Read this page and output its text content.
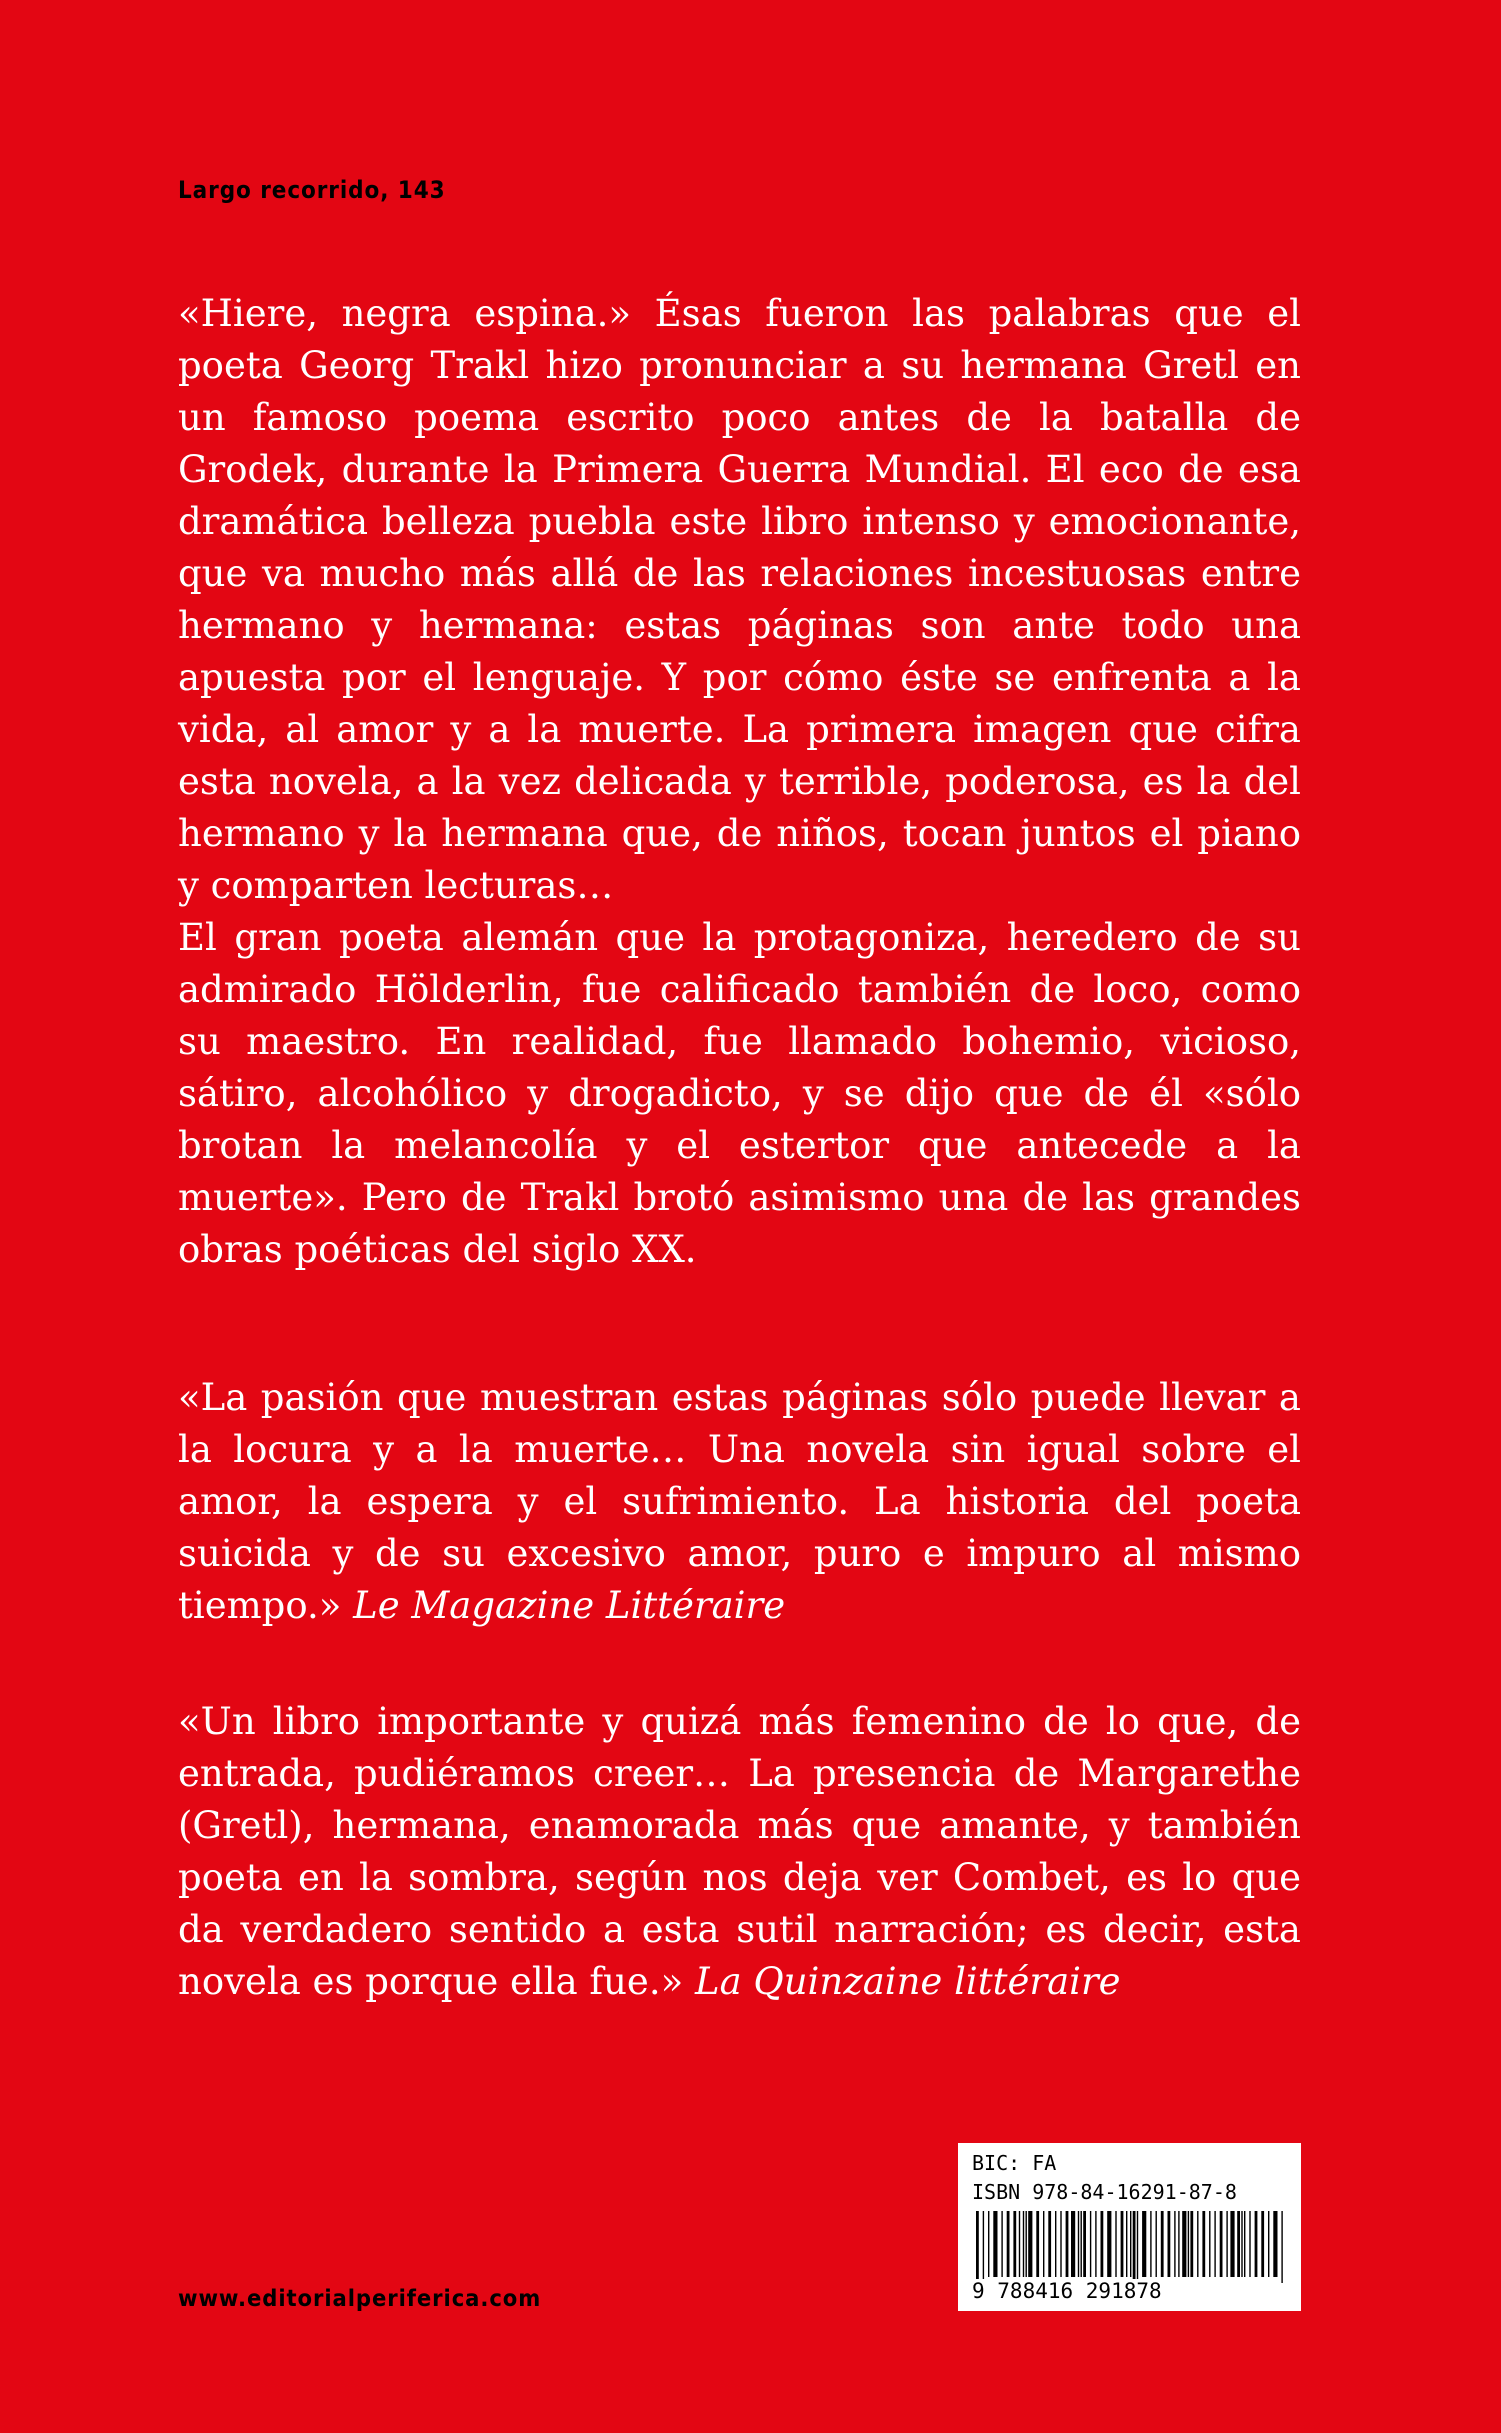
Largo recorrido, 143

«Hiere, negra espina.» Ésas fueron las palabras que el poeta Georg Trakl hizo pronunciar a su hermana Gretl en un famoso poema escrito poco antes de la batalla de Grodek, durante la Primera Guerra Mundial. El eco de esa dramática belleza puebla este libro intenso y emocionante, que va mucho más allá de las relaciones incestuosas entre hermano y hermana: estas páginas son ante todo una apuesta por el lenguaje. Y por cómo éste se enfrenta a la vida, al amor y a la muerte. La primera imagen que cifra esta novela, a la vez delicada y terrible, poderosa, es la del hermano y la hermana que, de niños, tocan juntos el piano y comparten lecturas…

El gran poeta alemán que la protagoniza, heredero de su admirado Hölderlin, fue calificado también de loco, como su maestro. En realidad, fue llamado bohemio, vicioso, sátiro, alcohólico y drogadicto, y se dijo que de él «sólo brotan la melancolía y el estertor que antecede a la muerte». Pero de Trakl brotó asimismo una de las grandes obras poéticas del siglo XX.

«La pasión que muestran estas páginas sólo puede llevar a la locura y a la muerte… Una novela sin igual sobre el amor, la espera y el sufrimiento. La historia del poeta suicida y de su excesivo amor, puro e impuro al mismo tiempo.» Le Magazine Littéraire

«Un libro importante y quizá más femenino de lo que, de entrada, pudiéramos creer… La presencia de Margarethe (Gretl), hermana, enamorada más que amante, y también poeta en la sombra, según nos deja ver Combet, es lo que da verdadero sentido a esta sutil narración; es decir, esta novela es porque ella fue.» La Quinzaine littéraire

www.editorialperiferica.com
BIC: FA
ISBN 978-84-16291-87-8
9 788416 291878
